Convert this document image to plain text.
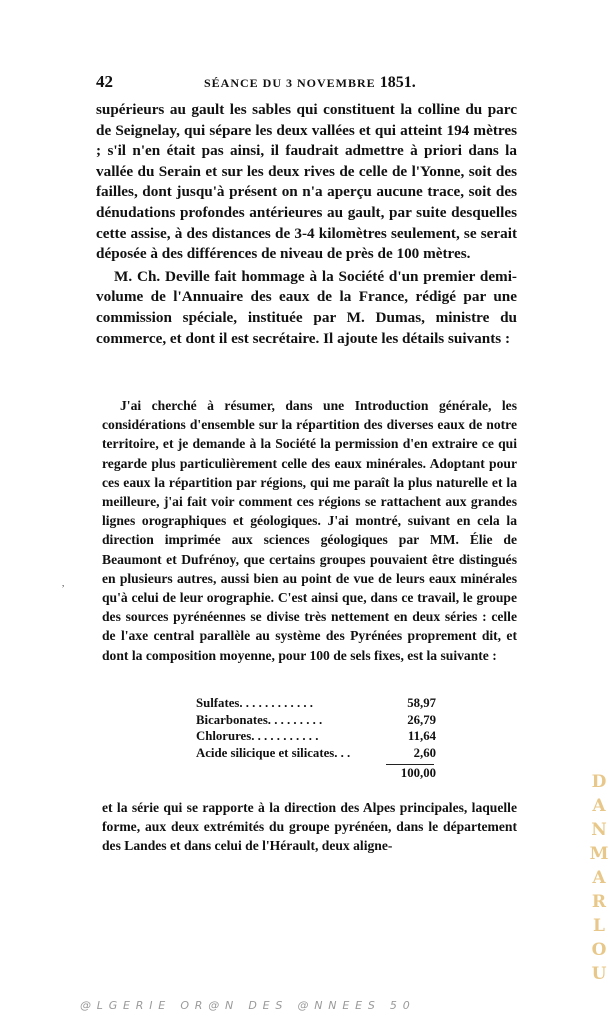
42	SÉANCE DU 3 NOVEMBRE 1851.

supérieurs au gault les sables qui constituent la colline du parc de Seignelay, qui sépare les deux vallées et qui atteint 194 mètres ; s'il n'en était pas ainsi, il faudrait admettre à priori dans la vallée du Serain et sur les deux rives de celle de l'Yonne, soit des failles, dont jusqu'à présent on n'a aperçu aucune trace, soit des dénudations profondes antérieures au gault, par suite desquelles cette assise, à des distances de 3-4 kilomètres seulement, se serait déposée à des différences de niveau de près de 100 mètres.

M. Ch. Deville fait hommage à la Société d'un premier demi-volume de l'Annuaire des eaux de la France, rédigé par une commission spéciale, instituée par M. Dumas, ministre du commerce, et dont il est secrétaire. Il ajoute les détails suivants :

J'ai cherché à résumer, dans une Introduction générale, les considérations d'ensemble sur la répartition des diverses eaux de notre territoire, et je demande à la Société la permission d'en extraire ce qui regarde plus particulièrement celle des eaux minérales. Adoptant pour ces eaux la répartition par régions, qui me paraît la plus naturelle et la meilleure, j'ai fait voir comment ces régions se rattachent aux grandes lignes orographiques et géologiques. J'ai montré, suivant en cela la direction imprimée aux sciences géologiques par MM. Élie de Beaumont et Dufrénoy, que certains groupes pouvaient être distingués en plusieurs autres, aussi bien au point de vue de leurs eaux minérales qu'à celui de leur orographie. C'est ainsi que, dans ce travail, le groupe des sources pyrénéennes se divise très nettement en deux séries : celle de l'axe central parallèle au système des Pyrénées proprement dit, et dont la composition moyenne, pour 100 de sels fixes, est la suivante :

,
Sulfates. . . . . . . . . . . .	58,97
Bicarbonates. . . . . . . . .	26,79
Chlorures. . . . . . . . . . .	11,64
Acide silicique et silicates. . .	2,60
100,00

et la série qui se rapporte à la direction des Alpes principales, laquelle forme, aux deux extrémités du groupe pyrénéen, dans le département des Landes et dans celui de l'Hérault, deux aligne-

D
A
N
M
A
R
L
O
U
@LGERIE OR@N DES @NNEES 50
